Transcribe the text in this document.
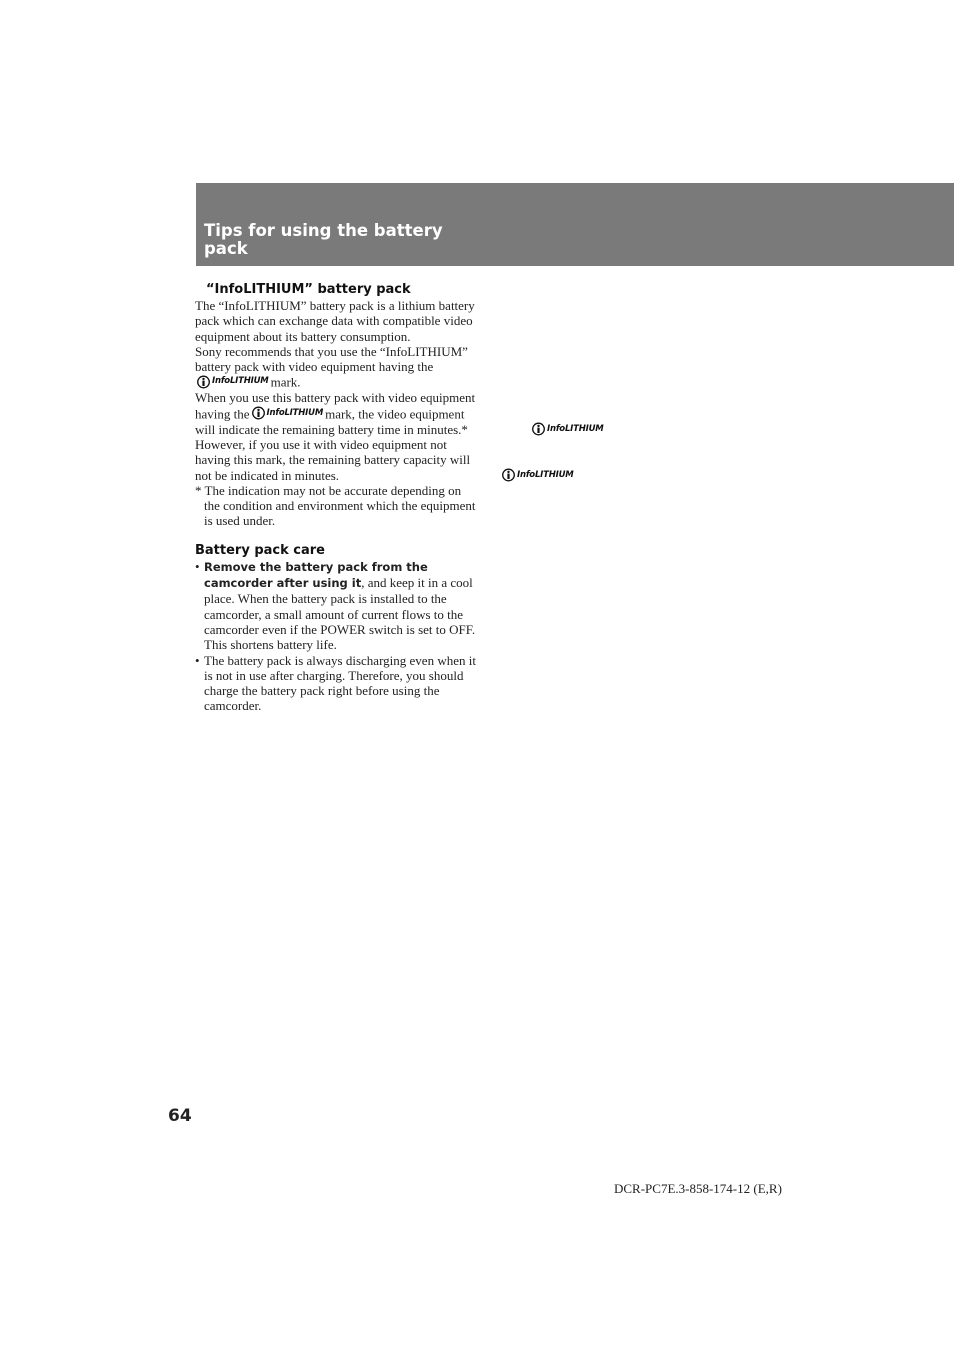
Tips for using the battery pack
“InfoLITHIUM” battery pack

The “InfoLITHIUM” battery pack is a lithium battery pack which can exchange data with compatible video equipment about its battery consumption.

Sony recommends that you use the “InfoLITHIUM” battery pack with video equipment having the
InfoLITHIUM mark.

When you use this battery pack with video equipment having the InfoLITHIUM mark, the video equipment will indicate the remaining battery time in minutes.* However, if you use it with video equipment not having this mark, the remaining battery capacity will not be indicated in minutes.

* The indication may not be accurate depending on the condition and environment which the equipment is used under.

Battery pack care
• Remove the battery pack from the camcorder after using it, and keep it in a cool place. When the battery pack is installed to the camcorder, a small amount of current flows to the camcorder even if the POWER switch is set to OFF. This shortens battery life.
• The battery pack is always discharging even when it is not in use after charging. Therefore, you should charge the battery pack right before using the camcorder.
InfoLITHIUM
InfoLITHIUM
64
DCR-PC7E.3-858-174-12 (E,R)
